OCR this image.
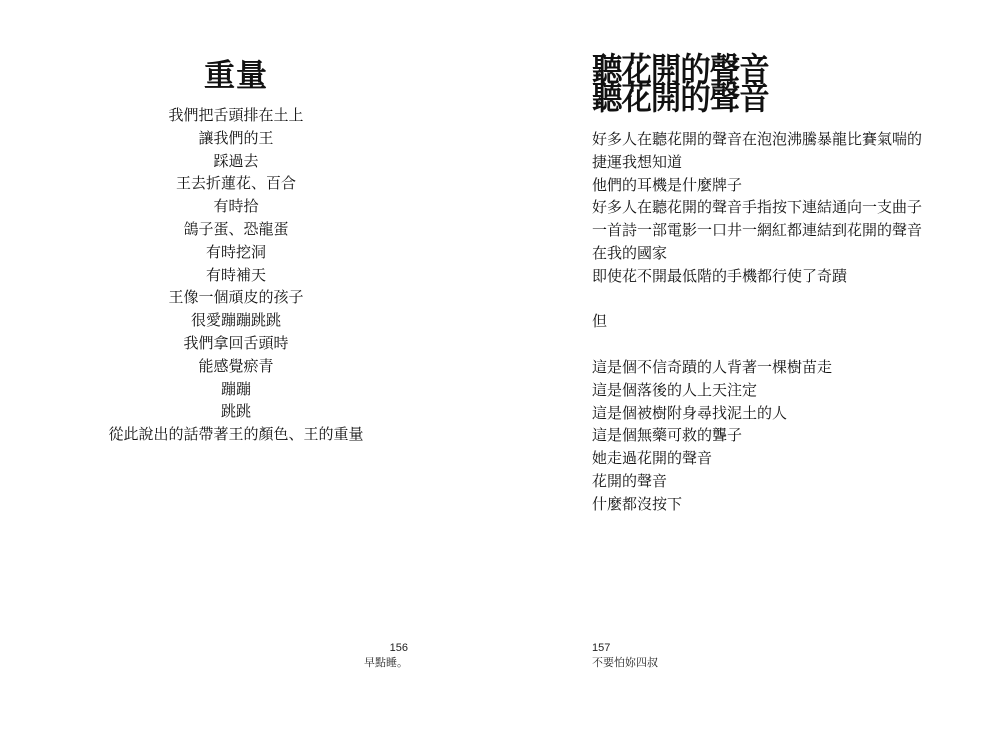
重量
我們把舌頭排在土上
讓我們的王
踩過去
王去折蓮花、百合
有時拾
鴿子蛋、恐龍蛋
有時挖洞
有時補天
王像一個頑皮的孩子
很愛蹦蹦跳跳
我們拿回舌頭時
能感覺瘀青
蹦蹦
跳跳
從此說出的話帶著王的顏色、王的重量
156
早點睡。
聽花開的聲音
聽花開的聲音
好多人在聽花開的聲音在泡泡沸騰暴龍比賽氣喘的
捷運我想知道
他們的耳機是什麼牌子
好多人在聽花開的聲音手指按下連結通向一支曲子
一首詩一部電影一口井一網紅都連結到花開的聲音
在我的國家
即使花不開最低階的手機都行使了奇蹟
但
這是個不信奇蹟的人背著一棵樹苗走
這是個落後的人上天注定
這是個被樹附身尋找泥土的人
這是個無藥可救的聾子
她走過花開的聲音
花開的聲音
什麼都沒按下
157
不要怕妳四叔
